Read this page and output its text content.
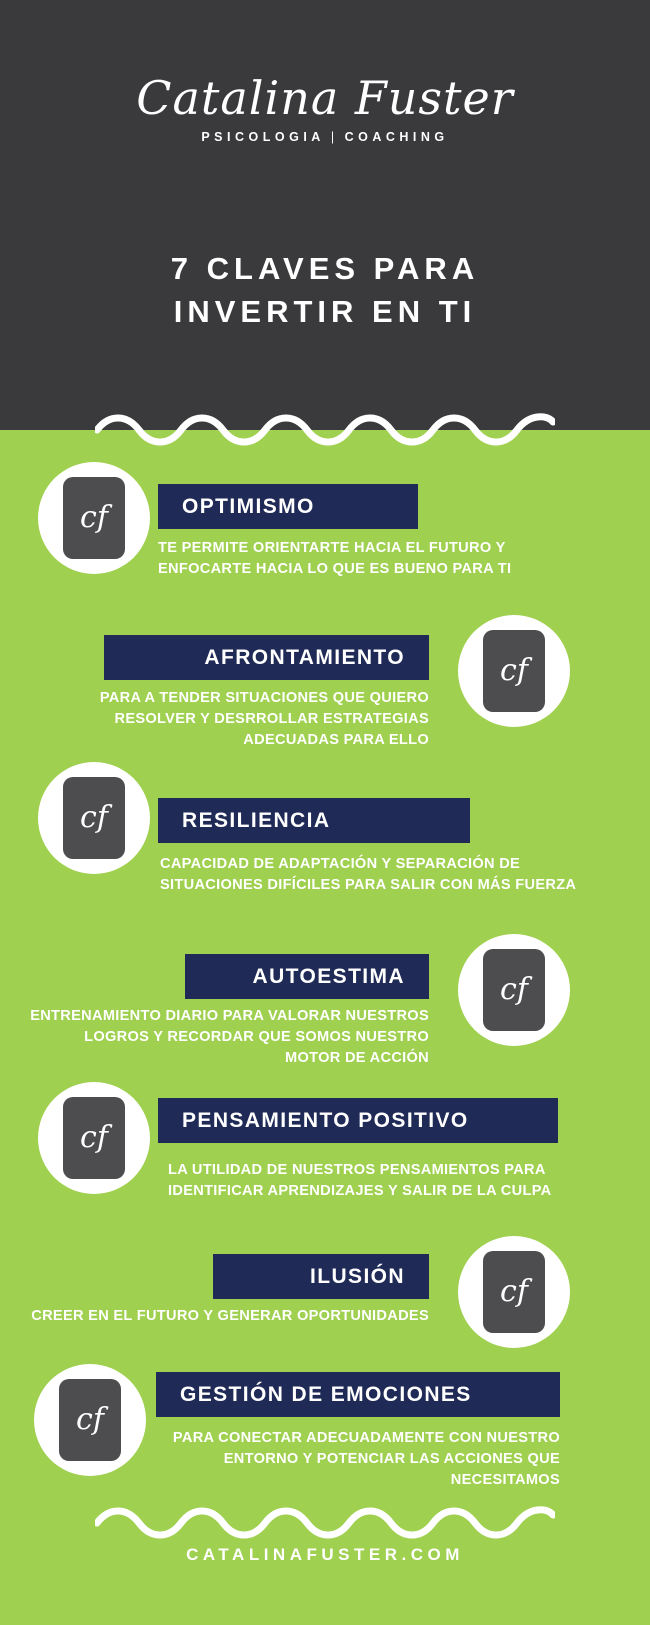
Catalina Fuster
PSICOLOGIA | COACHING
7 CLAVES PARA
INVERTIR EN TI
cf	OPTIMISMO
TE PERMITE ORIENTARTE HACIA EL FUTURO Y ENFOCARTE HACIA LO QUE ES BUENO PARA TI
cf
AFRONTAMIENTO
PARA A TENDER SITUACIONES QUE QUIERO RESOLVER Y DESRROLLAR ESTRATEGIAS ADECUADAS PARA ELLO
cf	RESILIENCIA
CAPACIDAD DE ADAPTACIÓN Y SEPARACIÓN DE SITUACIONES DIFÍCILES PARA SALIR CON MÁS FUERZA
cf
AUTOESTIMA
ENTRENAMIENTO DIARIO PARA VALORAR NUESTROS LOGROS Y RECORDAR QUE SOMOS NUESTRO MOTOR DE ACCIÓN
cf	PENSAMIENTO POSITIVO
LA UTILIDAD DE NUESTROS PENSAMIENTOS PARA IDENTIFICAR APRENDIZAJES Y SALIR DE LA CULPA
cf
ILUSIÓN
CREER EN EL FUTURO Y GENERAR OPORTUNIDADES
cf
GESTIÓN DE EMOCIONES
PARA CONECTAR ADECUADAMENTE CON NUESTRO ENTORNO Y POTENCIAR LAS ACCIONES QUE NECESITAMOS
CATALINAFUSTER.COM
